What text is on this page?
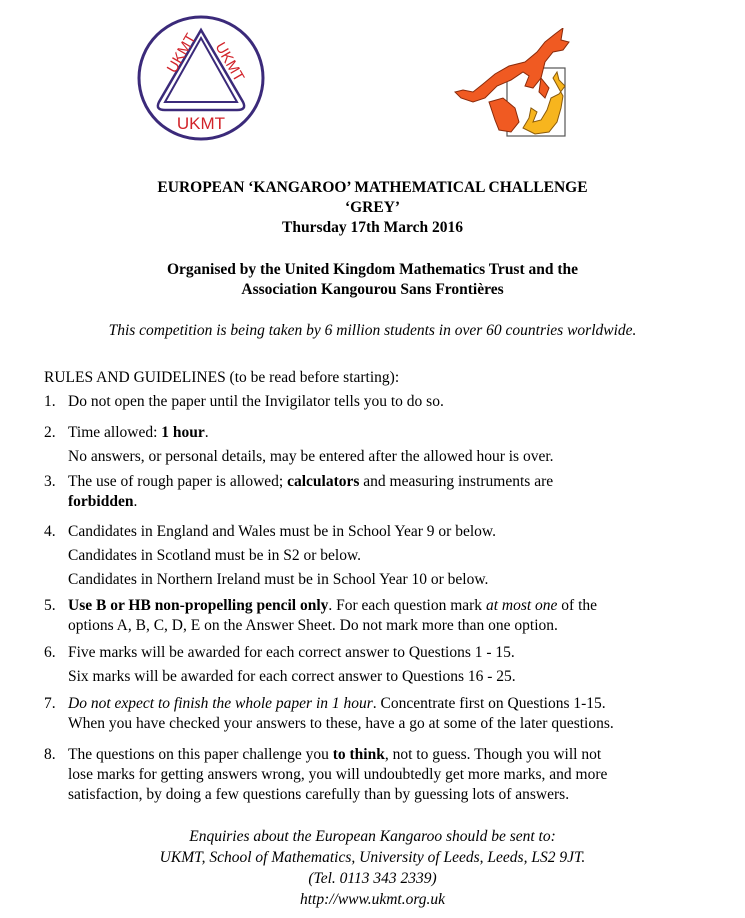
UKMT UKMT
UKMT
EUROPEAN ‘KANGAROO’ MATHEMATICAL CHALLENGE
‘GREY’
Thursday 17th March 2016
Organised by the United Kingdom Mathematics Trust and the
Association Kangourou Sans Frontières
This competition is being taken by 6 million students in over 60 countries worldwide.
RULES AND GUIDELINES (to be read before starting):
1. Do not open the paper until the Invigilator tells you to do so.

2. Time allowed: 1 hour.

No answers, or personal details, may be entered after the allowed hour is over.

3. The use of rough paper is allowed; calculators and measuring instruments are

forbidden.

4. Candidates in England and Wales must be in School Year 9 or below.

Candidates in Scotland must be in S2 or below.

Candidates in Northern Ireland must be in School Year 10 or below.

5. Use B or HB non-propelling pencil only. For each question mark at most one of the

options A, B, C, D, E on the Answer Sheet. Do not mark more than one option.

6. Five marks will be awarded for each correct answer to Questions 1 - 15.

Six marks will be awarded for each correct answer to Questions 16 - 25.

7. Do not expect to finish the whole paper in 1 hour. Concentrate first on Questions 1-15.

When you have checked your answers to these, have a go at some of the later questions.

8. The questions on this paper challenge you to think, not to guess. Though you will not

lose marks for getting answers wrong, you will undoubtedly get more marks, and more

satisfaction, by doing a few questions carefully than by guessing lots of answers.

Enquiries about the European Kangaroo should be sent to:
UKMT, School of Mathematics, University of Leeds, Leeds, LS2 9JT.
(Tel. 0113 343 2339)
http://www.ukmt.org.uk
